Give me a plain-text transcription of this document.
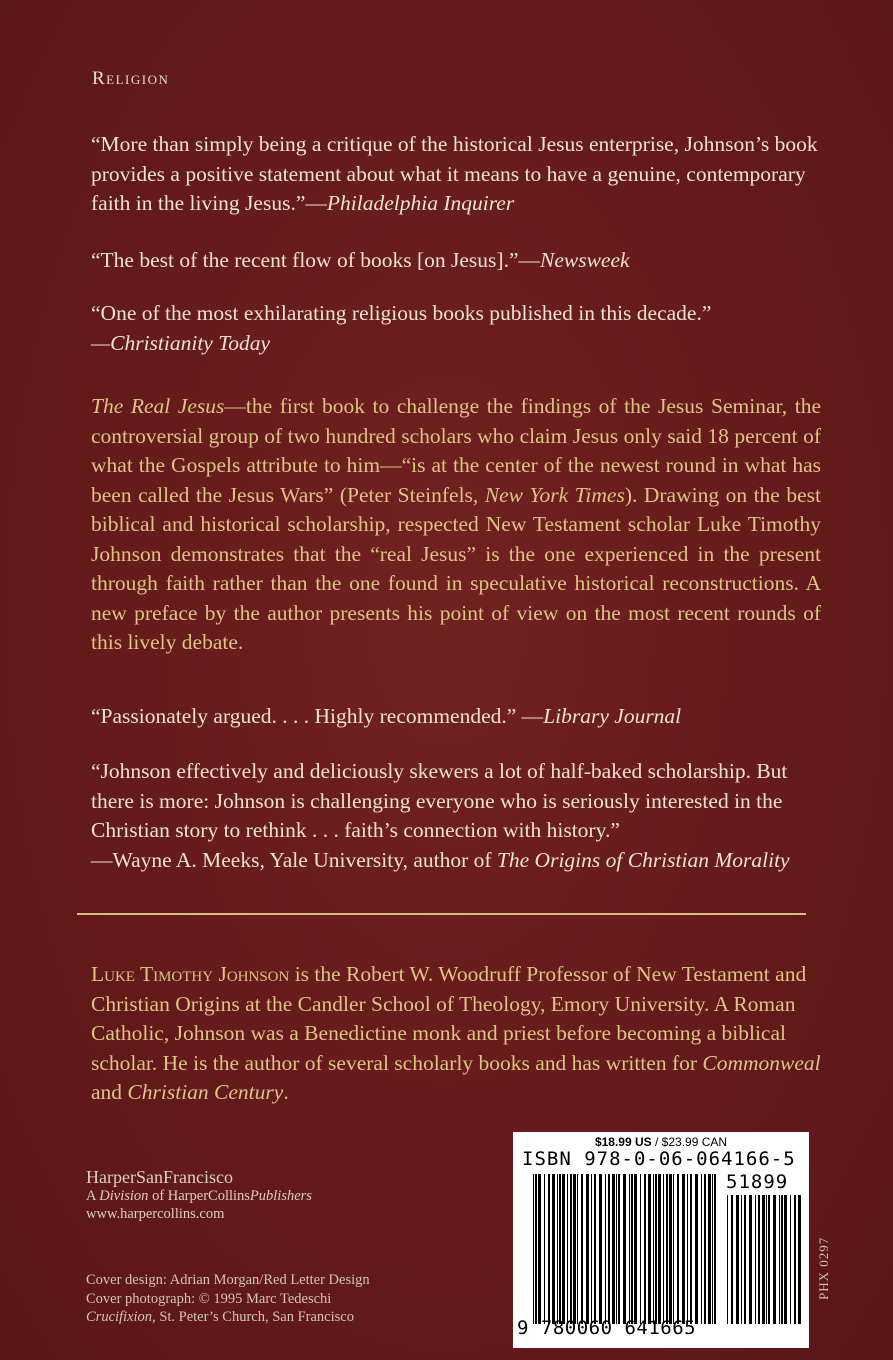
Religion
“More than simply being a critique of the historical Jesus enterprise, Johnson’s book provides a positive statement about what it means to have a genuine, contemporary faith in the living Jesus.”—Philadelphia Inquirer
“The best of the recent flow of books [on Jesus].”—Newsweek
“One of the most exhilarating religious books published in this decade.”
—Christianity Today
The Real Jesus—the first book to challenge the findings of the Jesus Seminar, the controversial group of two hundred scholars who claim Jesus only said 18 percent of what the Gospels attribute to him—“is at the center of the newest round in what has been called the Jesus Wars” (Peter Steinfels, New York Times). Drawing on the best biblical and historical scholarship, respected New Testament scholar Luke Timothy Johnson demonstrates that the “real Jesus” is the one experienced in the present through faith rather than the one found in speculative historical reconstructions. A new preface by the author presents his point of view on the most recent rounds of this lively debate.
“Passionately argued. . . . Highly recommended.” —Library Journal
“Johnson effectively and deliciously skewers a lot of half-baked scholarship. But there is more: Johnson is challenging everyone who is seriously interested in the Christian story to rethink . . . faith’s connection with history.”
—Wayne A. Meeks, Yale University, author of The Origins of Christian Morality
Luke Timothy Johnson is the Robert W. Woodruff Professor of New Testament and Christian Origins at the Candler School of Theology, Emory University. A Roman Catholic, Johnson was a Benedictine monk and priest before becoming a biblical scholar. He is the author of several scholarly books and has written for Commonweal and Christian Century.
HarperSanFrancisco
A Division of HarperCollinsPublishers
www.harpercollins.com
Cover design: Adrian Morgan/Red Letter Design
Cover photograph: © 1995 Marc Tedeschi
Crucifixion, St. Peter’s Church, San Francisco
$18.99 US / $23.99 CAN
ISBN 978-0-06-064166-5
51899
9 780060 641665
PHX 0297
